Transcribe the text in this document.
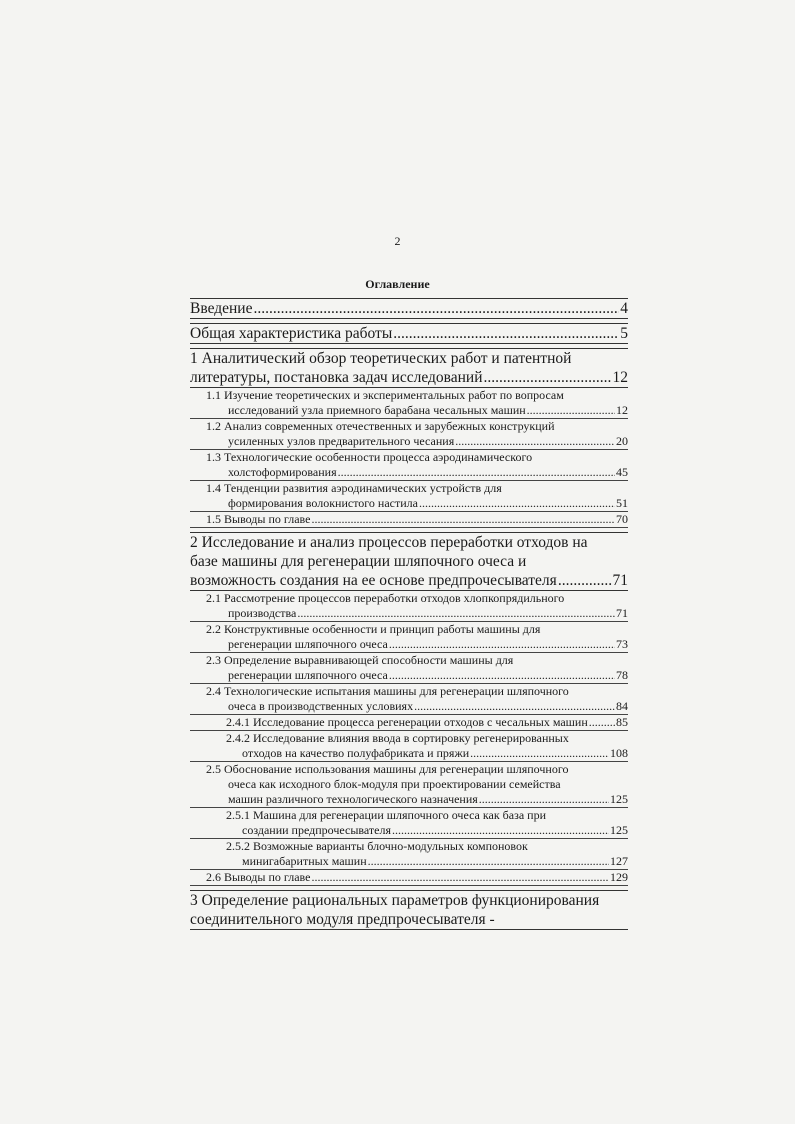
2
Оглавление
Введение .....	4
Общая характеристика работы .....	5
1 Аналитический обзор теоретических работ и патентной
литературы, постановка задач исследований .....	12
1.1 Изучение теоретических и экспериментальных работ по вопросам
исследований узла приемного барабана чесальных машин .....	12
1.2 Анализ современных отечественных и зарубежных конструкций
усиленных узлов предварительного чесания .....	20
1.3 Технологические особенности процесса аэродинамического
холстоформирования .....	45
1.4 Тенденции развития аэродинамических устройств для
формирования волокнистого настила .....	51
1.5 Выводы по главе .....	70
2 Исследование и анализ процессов переработки отходов на
базе машины для регенерации шляпочного очеса и
возможность создания на ее основе предпрочесывателя .....	71
2.1 Рассмотрение процессов переработки отходов хлопкопрядильного
производства .....	71
2.2 Конструктивные особенности и принцип работы машины для
регенерации шляпочного очеса .....	73
2.3 Определение выравнивающей способности машины для
регенерации шляпочного очеса .....	78
2.4 Технологические испытания машины для регенерации шляпочного
очеса в производственных условиях .....	84
2.4.1 Исследование процесса регенерации отходов с чесальных машин ..... 85
2.4.2 Исследование влияния ввода в сортировку регенерированных
отходов на качество полуфабриката и пряжи .....	108
2.5 Обоснование использования машины для регенерации шляпочного
очеса как исходного блок-модуля при проектировании семейства
машин различного технологического назначения .....	125
2.5.1 Машина для регенерации шляпочного очеса как база при
создании предпрочесывателя .....	125
2.5.2 Возможные варианты блочно-модульных компоновок
минигабаритных машин .....	127
2.6 Выводы по главе .....	129
3 Определение рациональных параметров функционирования
соединительного модуля предпрочесывателя -
